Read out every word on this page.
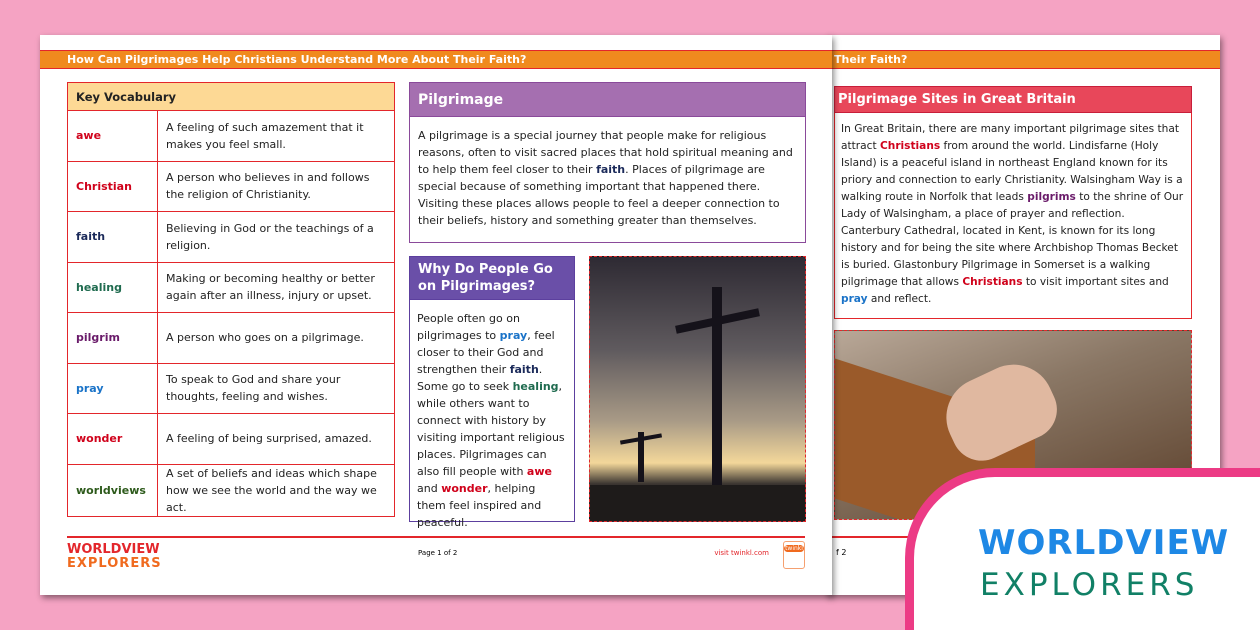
Their Faith?
Pilgrimage Sites in Great Britain
In Great Britain, there are many important pilgrimage sites that attract Christians from around the world. Lindisfarne (Holy Island) is a peaceful island in northeast England known for its priory and connection to early Christianity. Walsingham Way is a walking route in Norfolk that leads pilgrims to the shrine of Our Lady of Walsingham, a place of prayer and reflection. Canterbury Cathedral, located in Kent, is known for its long history and for being the site where Archbishop Thomas Becket is buried. Glastonbury Pilgrimage in Somerset is a walking pilgrimage that allows Christians to visit important sites and pray and reflect.
f 2
How Can Pilgrimages Help Christians Understand More About Their Faith?
Key Vocabulary	
awe	A feeling of such amazement that it makes you feel small.
Christian	A person who believes in and follows the religion of Christianity.
faith	Believing in God or the teachings of a religion.
healing	Making or becoming healthy or better again after an illness, injury or upset.
pilgrim	A person who goes on a pilgrimage.
pray	To speak to God and share your thoughts, feeling and wishes.
wonder	A feeling of being surprised, amazed.
worldviews	A set of beliefs and ideas which shape how we see the world and the way we act.
Pilgrimage
A pilgrimage is a special journey that people make for religious reasons, often to visit sacred places that hold spiritual meaning and to help them feel closer to their faith. Places of pilgrimage are special because of something important that happened there. Visiting these places allows people to feel a deeper connection to their beliefs, history and something greater than themselves.
Why Do People Go on Pilgrimages?
People often go on pilgrimages to pray, feel closer to their God and strengthen their faith. Some go to seek healing, while others want to connect with history by visiting important religious places. Pilgrimages can also fill people with awe and wonder, helping them feel inspired and peaceful.
WORLDVIEW
EXPLORERS
Page 1 of 2	visit twinkl.com
twinkl	WORLDVIEW
EXPLORERS
